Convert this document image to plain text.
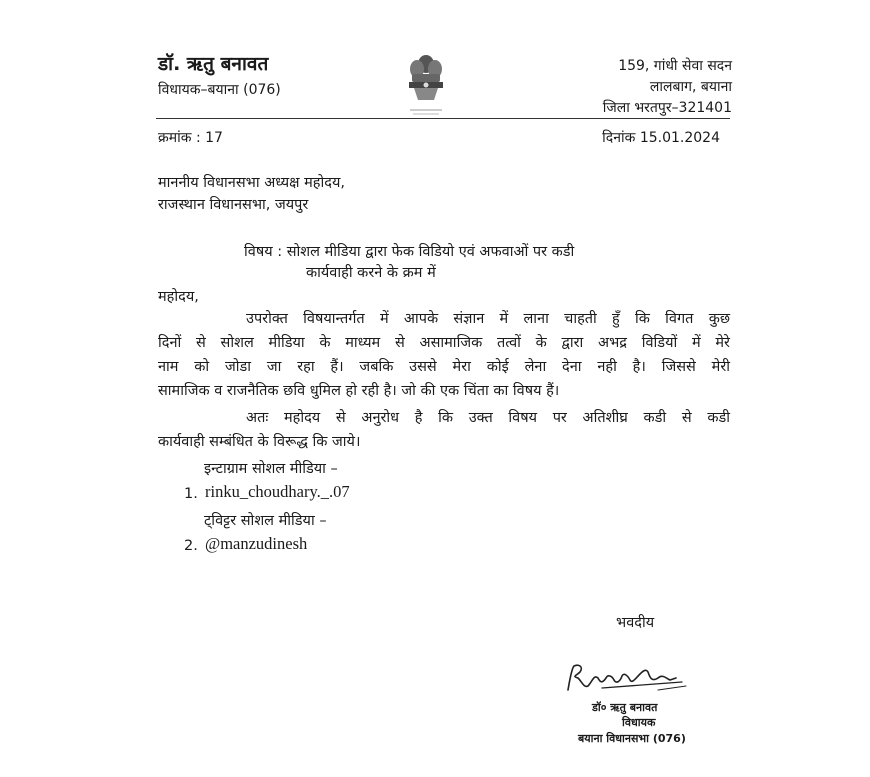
डॉ. ऋतु बनावत
विधायक–बयाना (076)
159, गांधी सेवा सदन
लालबाग, बयाना
जिला भरतपुर–321401
क्रमांक : 17	दिनांक 15.01.2024
माननीय विधानसभा अध्यक्ष महोदय,
राजस्थान विधानसभा, जयपुर
विषय : सोशल मीडिया द्वारा फेक विडियो एवं अफवाओं पर कडी
कार्यवाही करने के क्रम में
महोदय,
उपरोक्त विषयान्तर्गत में आपके संज्ञान में लाना चाहती हुँ कि विगत कुछ
दिनों से सोशल मीडिया के माध्यम से असामाजिक तत्वों के द्वारा अभद्र विडियों में मेरे
नाम को जोडा जा रहा हैं। जबकि उससे मेरा कोई लेना देना नही है। जिससे मेरी
सामाजिक व राजनैतिक छवि धुमिल हो रही है। जो की एक चिंता का विषय हैं।
अतः महोदय से अनुरोध है कि उक्त विषय पर अतिशीघ्र कडी से कडी
कार्यवाही सम्बंधित के विरूद्ध कि जाये।
इन्टाग्राम सोशल मीडिया –
1. rinku_choudhary._.07
ट्विट्टर सोशल मीडिया –
2. @manzudinesh
भवदीय
डॉ० ऋतु बनावत
विधायक
बयाना विधानसभा (076)
